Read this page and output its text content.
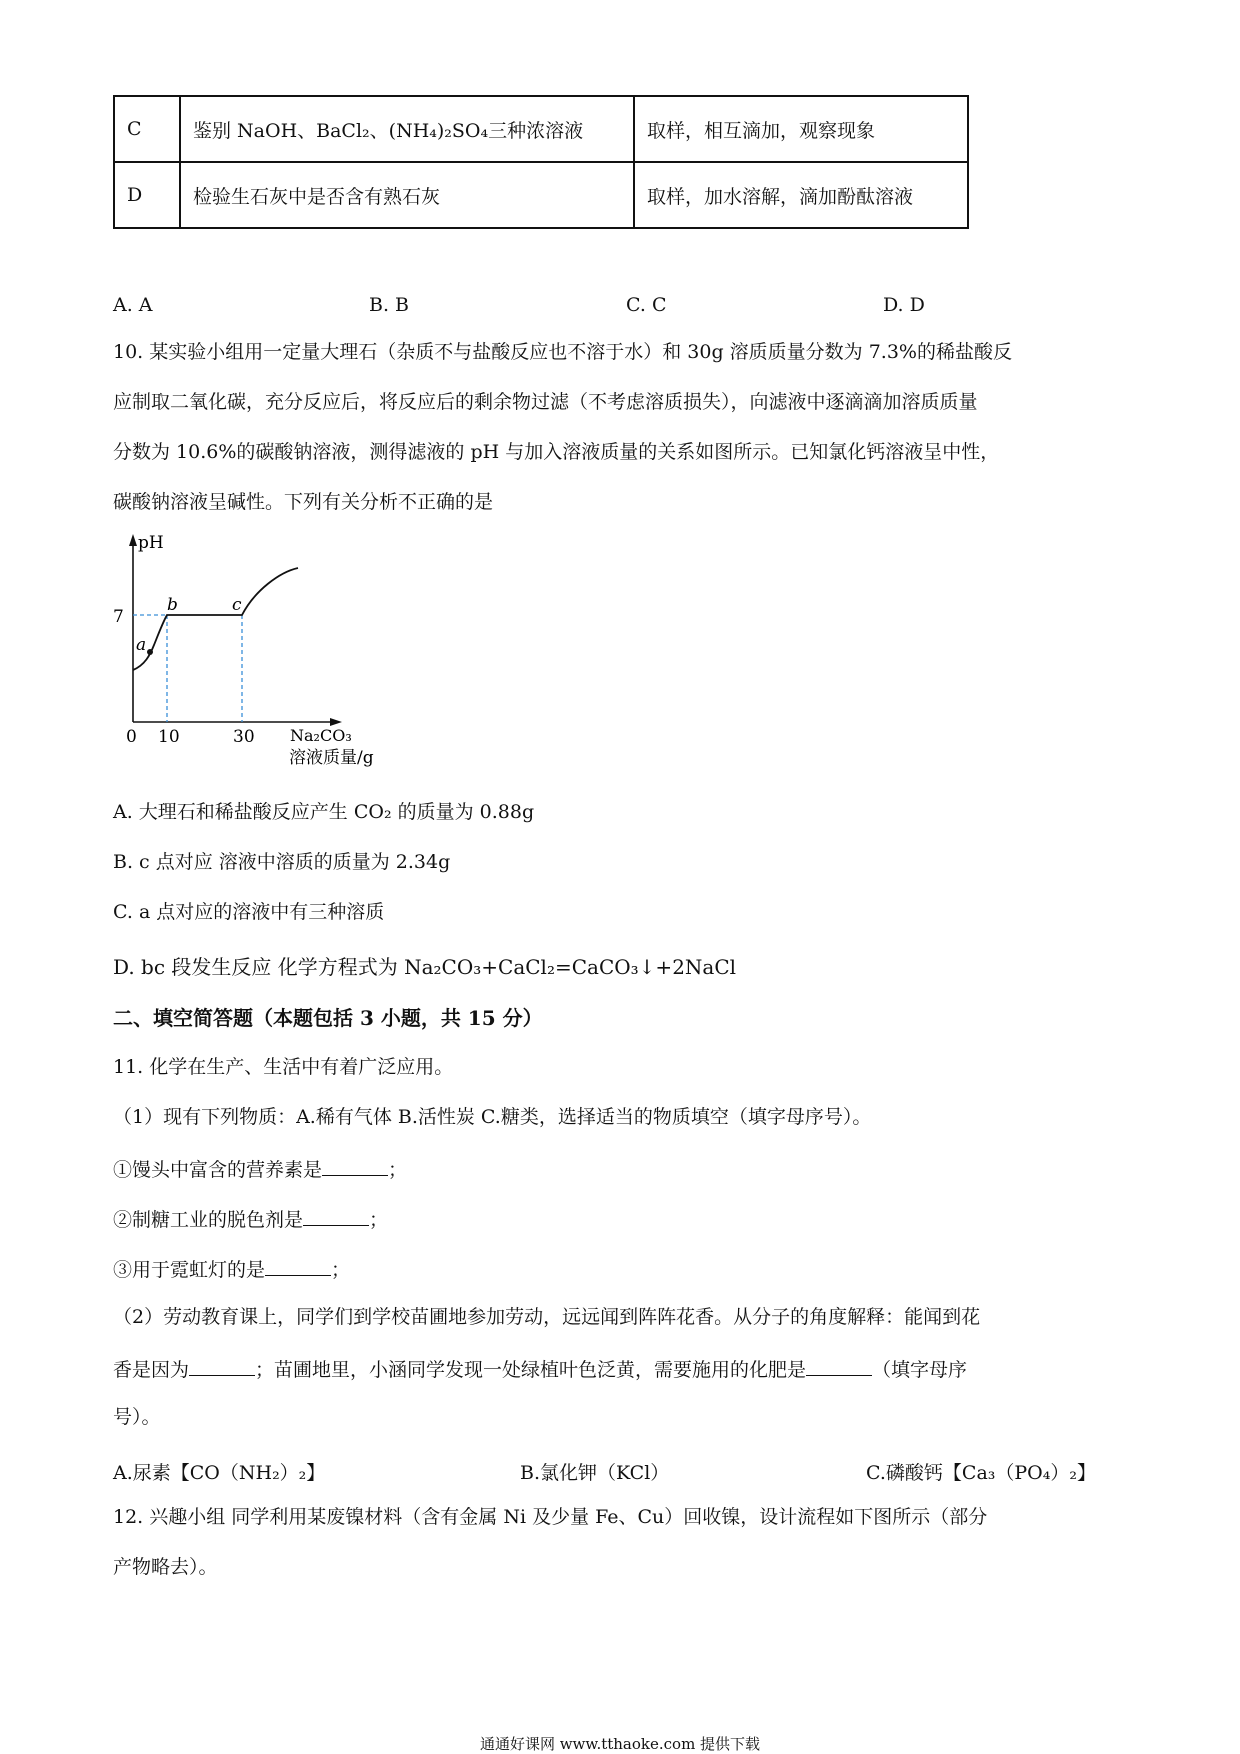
C	鉴别 NaOH、BaCl₂、(NH₄)₂SO₄三种浓溶液	取样，相互滴加，观察现象
D	检验生石灰中是否含有熟石灰	取样，加水溶解，滴加酚酞溶液
A. A	B. B	C. C	D. D
10. 某实验小组用一定量大理石（杂质不与盐酸反应也不溶于水）和 30g 溶质质量分数为 7.3%的稀盐酸反
应制取二氧化碳，充分反应后，将反应后的剩余物过滤（不考虑溶质损失），向滤液中逐滴滴加溶质质量
分数为 10.6%的碳酸钠溶液，测得滤液的 pH 与加入溶液质量的关系如图所示。已知氯化钙溶液呈中性，
碳酸钠溶液呈碱性。下列有关分析不正确的是
pH
7
a
b	c
0 10	30 Na₂CO₃
溶液质量/g
A. 大理石和稀盐酸反应产生 CO₂ 的质量为 0.88g
B. c 点对应 溶液中溶质的质量为 2.34g
C. a 点对应的溶液中有三种溶质
D. bc 段发生反应 化学方程式为 Na₂CO₃+CaCl₂=CaCO₃↓+2NaCl
二、填空简答题（本题包括 3 小题，共 15 分）
11. 化学在生产、生活中有着广泛应用。
（1）现有下列物质：A.稀有气体 B.活性炭 C.糖类，选择适当的物质填空（填字母序号）。
①馒头中富含的营养素是	；
②制糖工业的脱色剂是	；
③用于霓虹灯的是	；
（2）劳动教育课上，同学们到学校苗圃地参加劳动，远远闻到阵阵花香。从分子的角度解释：能闻到花
香是因为	；苗圃地里，小涵同学发现一处绿植叶色泛黄，需要施用的化肥是	（填字母序
号）。
A.尿素【CO（NH₂）₂】	B.氯化钾（KCl）	C.磷酸钙【Ca₃（PO₄）₂】
12. 兴趣小组 同学利用某废镍材料（含有金属 Ni 及少量 Fe、Cu）回收镍，设计流程如下图所示（部分
产物略去）。
通通好课网 www.tthaoke.com 提供下载
